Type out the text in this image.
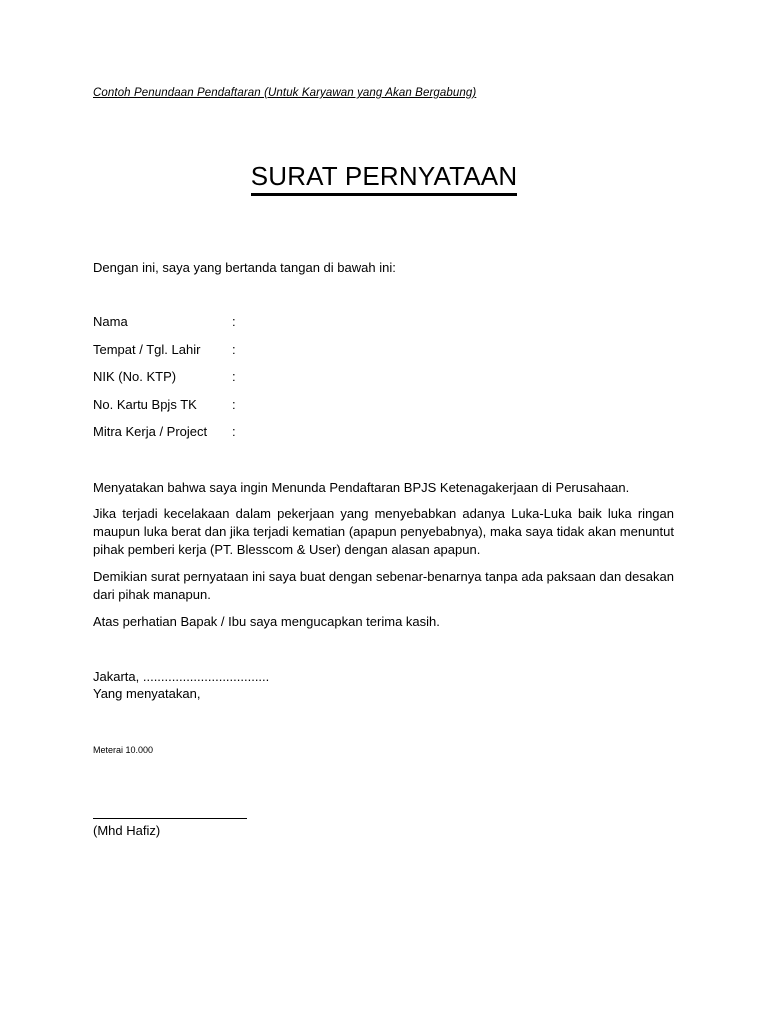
Contoh Penundaan Pendaftaran (Untuk Karyawan yang Akan Bergabung)
SURAT PERNYATAAN
Dengan ini, saya yang bertanda tangan di bawah ini:
Nama	:
Tempat / Tgl. Lahir :
NIK (No. KTP)	:
No. Kartu Bpjs TK	:
Mitra Kerja / Project :
Menyatakan bahwa saya ingin Menunda Pendaftaran BPJS Ketenagakerjaan di Perusahaan.
Jika terjadi kecelakaan dalam pekerjaan yang menyebabkan adanya Luka-Luka baik luka ringan maupun luka berat dan jika terjadi kematian (apapun penyebabnya), maka saya tidak akan menuntut pihak pemberi kerja (PT. Blesscom & User) dengan alasan apapun.
Demikian surat pernyataan ini saya buat dengan sebenar-benarnya tanpa ada paksaan dan desakan dari pihak manapun.
Atas perhatian Bapak / Ibu saya mengucapkan terima kasih.
Jakarta, ...................................
Yang menyatakan,
Meterai 10.000
(Mhd Hafiz)
